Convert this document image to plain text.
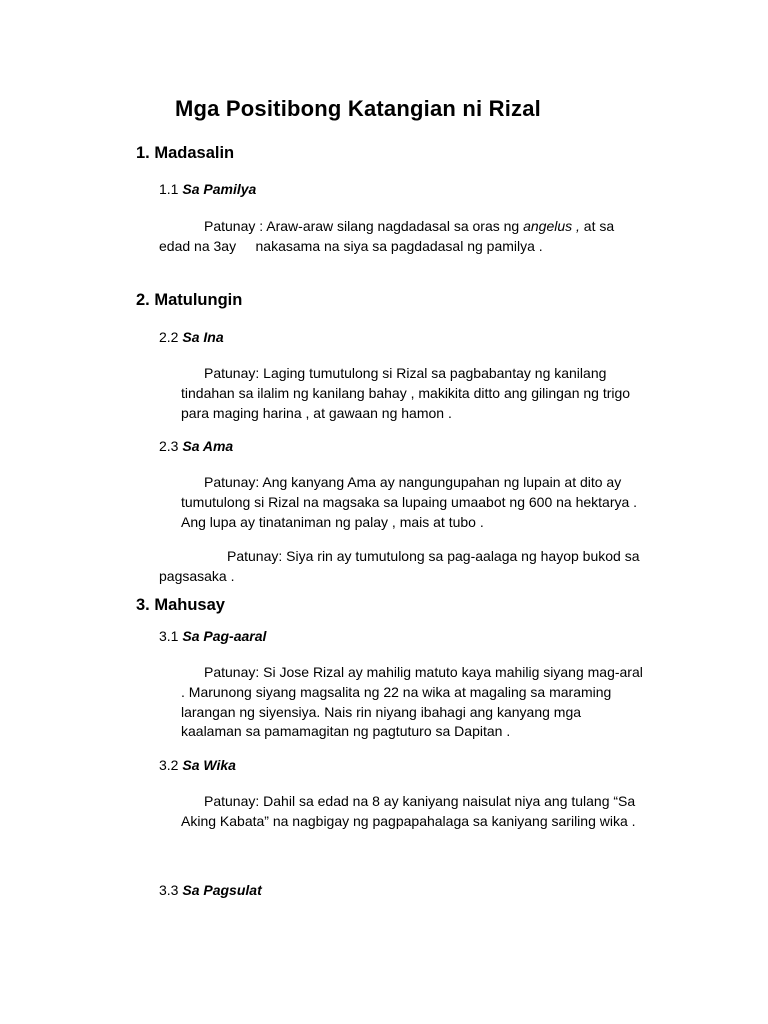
Mga Positibong Katangian ni Rizal
1. Madasalin
1.1 Sa Pamilya
Patunay : Araw-araw silang nagdadasal sa oras ng angelus , at sa
edad na 3ay     nakasama na siya sa pagdadasal ng pamilya .
2. Matulungin
2.2 Sa Ina
Patunay: Laging tumutulong si Rizal sa pagbabantay ng kanilang
tindahan sa ilalim ng kanilang bahay , makikita ditto ang gilingan ng trigo
para maging harina , at gawaan ng hamon .
2.3 Sa Ama
Patunay: Ang kanyang Ama ay nangungupahan ng lupain at dito ay
tumutulong si Rizal na magsaka sa lupaing umaabot ng 600 na hektarya .
Ang lupa ay tinataniman ng palay , mais at tubo .
Patunay: Siya rin ay tumutulong sa pag-aalaga ng hayop bukod sa
pagsasaka .
3. Mahusay
3.1 Sa Pag-aaral
Patunay: Si Jose Rizal ay mahilig matuto kaya mahilig siyang mag-aral
. Marunong siyang magsalita ng 22 na wika at magaling sa maraming
larangan ng siyensiya. Nais rin niyang ibahagi ang kanyang mga
kaalaman sa pamamagitan ng pagtuturo sa Dapitan .
3.2 Sa Wika
Patunay: Dahil sa edad na 8 ay kaniyang naisulat niya ang tulang “Sa
Aking Kabata” na nagbigay ng pagpapahalaga sa kaniyang sariling wika .
3.3 Sa Pagsulat
